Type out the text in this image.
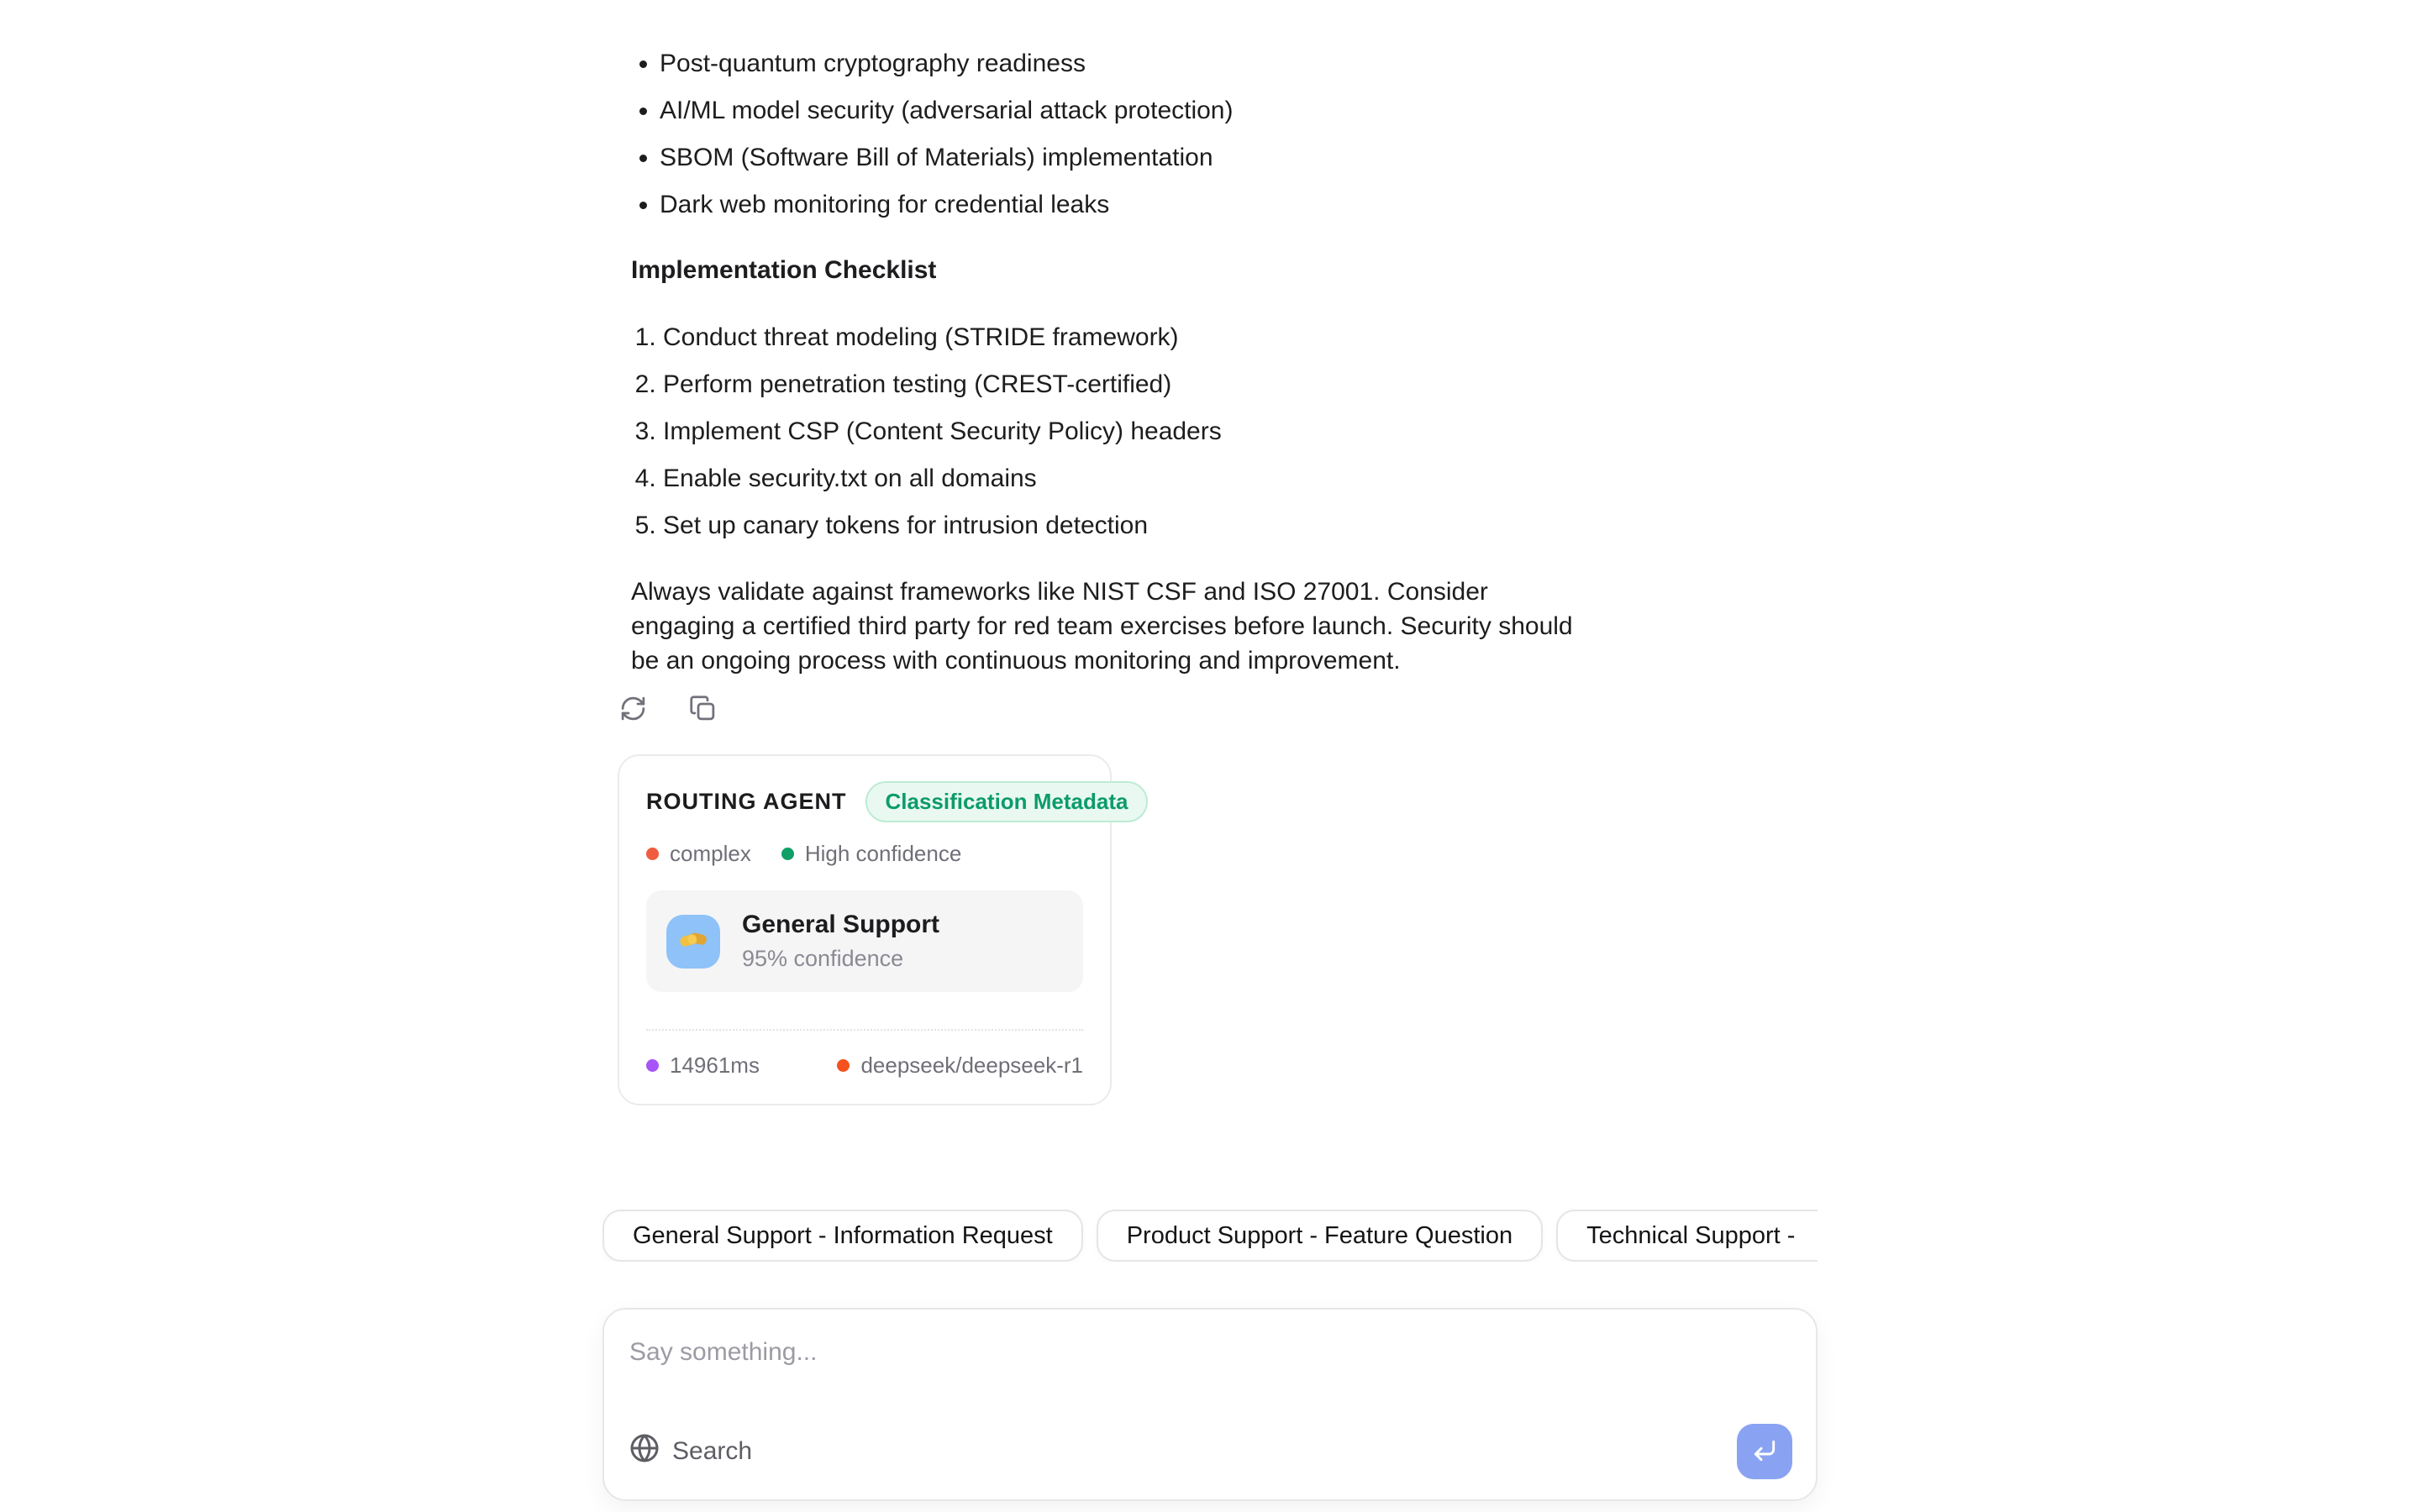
• Post-quantum cryptography readiness
• AI/ML model security (adversarial attack protection)
• SBOM (Software Bill of Materials) implementation
• Dark web monitoring for credential leaks
Implementation Checklist
1. Conduct threat modeling (STRIDE framework)
2. Perform penetration testing (CREST-certified)
3. Implement CSP (Content Security Policy) headers
4. Enable security.txt on all domains
5. Set up canary tokens for intrusion detection

Always validate against frameworks like NIST CSF and ISO 27001. Consider engaging a certified third party for red team exercises before launch. Security should be an ongoing process with continuous monitoring and improvement.

ROUTING AGENT	Classification Metadata
complex High confidence
General Support
95% confidence
14961ms	deepseek/deepseek-r1
General Support - Information Request	Product Support - Feature Question	Technical Support -
Say something...
Search
